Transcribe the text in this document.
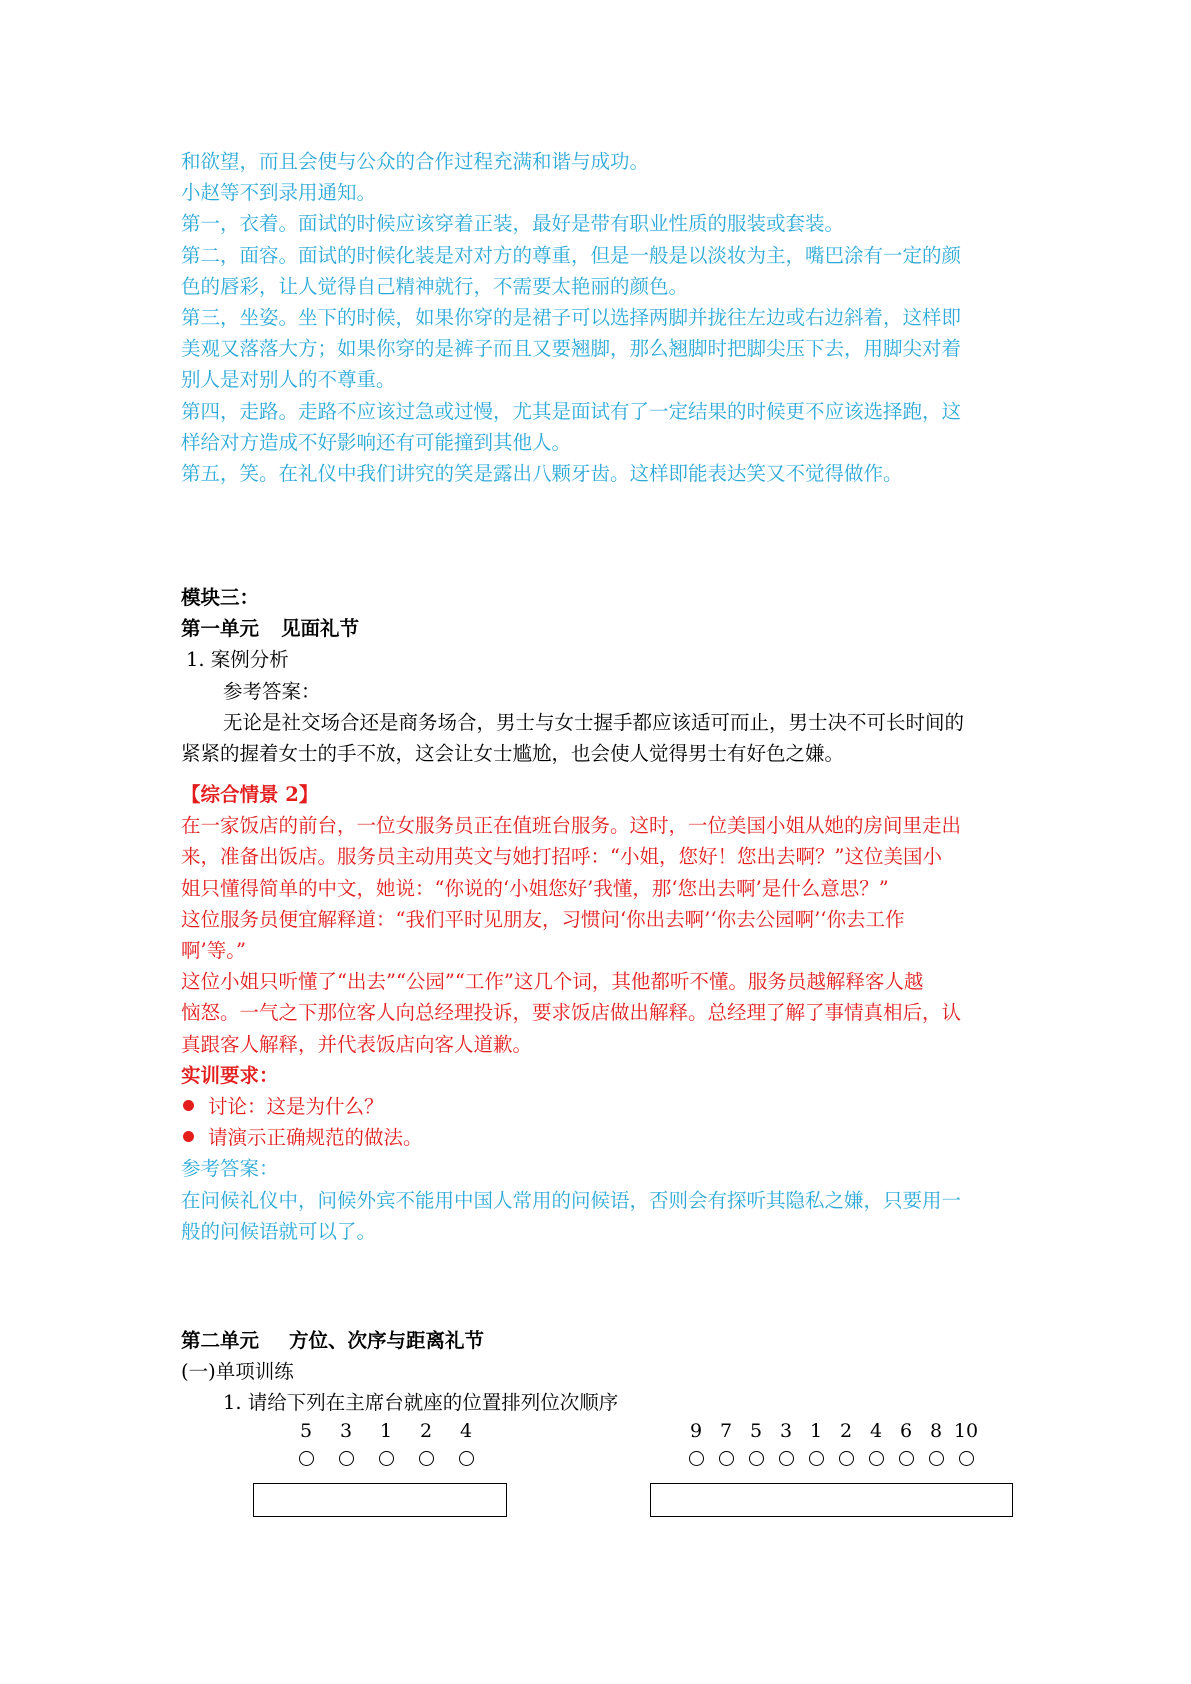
和欲望，而且会使与公众的合作过程充满和谐与成功。
小赵等不到录用通知。
第一，衣着。面试的时候应该穿着正装，最好是带有职业性质的服装或套装。
第二，面容。面试的时候化装是对对方的尊重，但是一般是以淡妆为主，嘴巴涂有一定的颜
色的唇彩，让人觉得自己精神就行，不需要太艳丽的颜色。
第三，坐姿。坐下的时候，如果你穿的是裙子可以选择两脚并拢往左边或右边斜着，这样即
美观又落落大方；如果你穿的是裤子而且又要翘脚，那么翘脚时把脚尖压下去，用脚尖对着
别人是对别人的不尊重。
第四，走路。走路不应该过急或过慢，尤其是面试有了一定结果的时候更不应该选择跑，这
样给对方造成不好影响还有可能撞到其他人。
第五，笑。在礼仪中我们讲究的笑是露出八颗牙齿。这样即能表达笑又不觉得做作。
模块三：
第一单元 见面礼节
1. 案例分析
参考答案：
无论是社交场合还是商务场合，男士与女士握手都应该适可而止，男士决不可长时间的
紧紧的握着女士的手不放，这会让女士尴尬，也会使人觉得男士有好色之嫌。
【综合情景 2】
在一家饭店的前台，一位女服务员正在值班台服务。这时，一位美国小姐从她的房间里走出
来，准备出饭店。服务员主动用英文与她打招呼：“小姐，您好！您出去啊？”这位美国小
姐只懂得简单的中文，她说：“你说的‘小姐您好’我懂，那‘您出去啊’是什么意思？”
这位服务员便宜解释道：“我们平时见朋友，习惯问‘你出去啊’‘你去公园啊’‘你去工作
啊’等。”
这位小姐只听懂了“出去”“公园”“工作”这几个词，其他都听不懂。服务员越解释客人越
恼怒。一气之下那位客人向总经理投诉，要求饭店做出解释。总经理了解了事情真相后，认
真跟客人解释，并代表饭店向客人道歉。
实训要求：
讨论：这是为什么？
请演示正确规范的做法。
参考答案：
在问候礼仪中，问候外宾不能用中国人常用的问候语，否则会有探听其隐私之嫌，只要用一
般的问候语就可以了。
第二单元 方位、次序与距离礼节
(一)单项训练
1. 请给下列在主席台就座的位置排列位次顺序
5 3 1 2 4	9 7 5 3 1 2 4 6 8 10
